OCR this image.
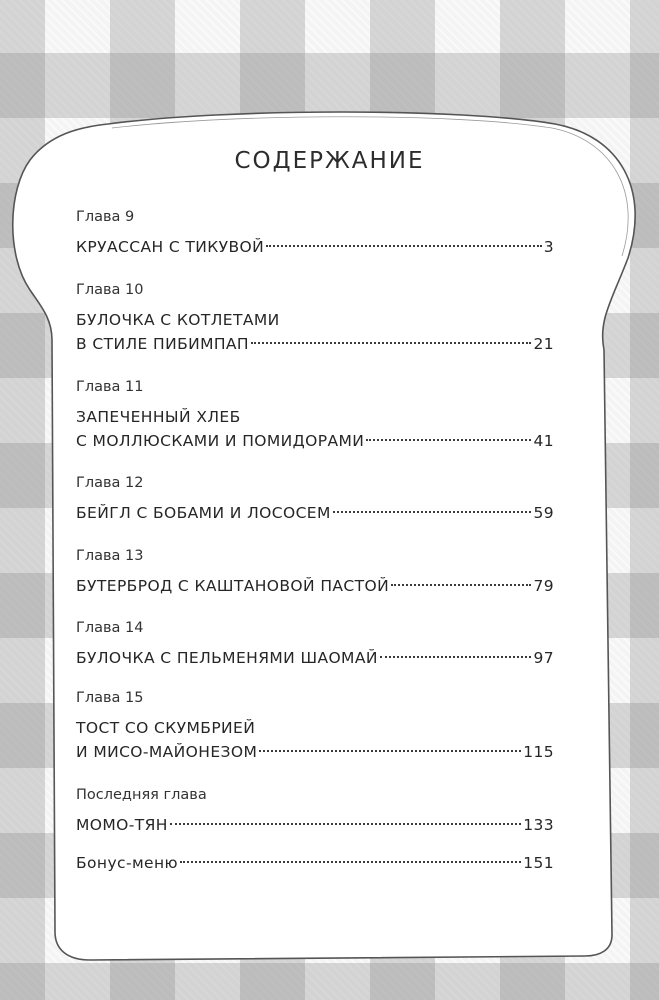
СОДЕРЖАНИЕ
Глава 9
КРУАССАН С ТИКУВОЙ	3
Глава 10
БУЛОЧКА С КОТЛЕТАМИ
В СТИЛЕ ПИБИМПАП	21
Глава 11
ЗАПЕЧЕННЫЙ ХЛЕБ
С МОЛЛЮСКАМИ И ПОМИДОРАМИ	41
Глава 12
БЕЙГЛ С БОБАМИ И ЛОСОСЕМ	59
Глава 13
БУТЕРБРОД С КАШТАНОВОЙ ПАСТОЙ	79
Глава 14
БУЛОЧКА С ПЕЛЬМЕНЯМИ ШАОМАЙ	97
Глава 15
ТОСТ СО СКУМБРИЕЙ
И МИСО-МАЙОНЕЗОМ	115
Последняя глава
МОМО-ТЯН	133
Бонус-меню	151
